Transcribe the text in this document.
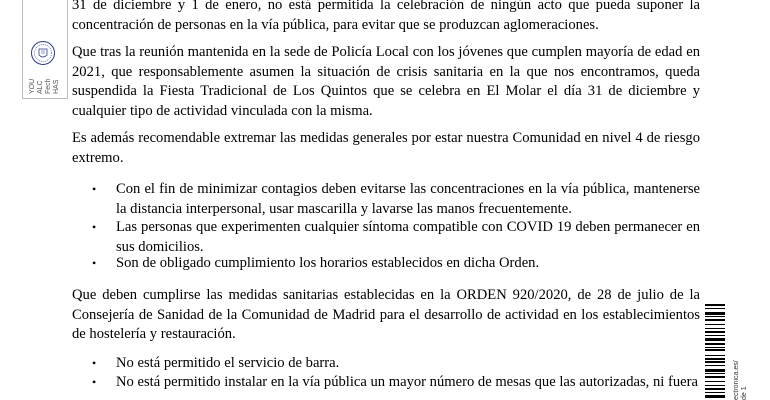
YOU ALC Fech HAS
31 de diciembre y 1 de enero, no está permitida la celebración de ningún acto que pueda suponer la concentración de personas en la vía pública, para evitar que se produzcan aglomeraciones.
Que tras la reunión mantenida en la sede de Policía Local con los jóvenes que cumplen mayoría de edad en 2021, que responsablemente asumen la situación de crisis sanitaria en la que nos encontramos, queda suspendida la Fiesta Tradicional de Los Quintos que se celebra en El Molar el día 31 de diciembre y cualquier tipo de actividad vinculada con la misma.
Es además recomendable extremar las medidas generales por estar nuestra Comunidad en nivel 4 de riesgo extremo.
• Con el fin de minimizar contagios deben evitarse las concentraciones en la vía pública, mantenerse la distancia interpersonal, usar mascarilla y lavarse las manos frecuentemente.
• Las personas que experimenten cualquier síntoma compatible con COVID 19 deben permanecer en sus domicilios.
• Son de obligado cumplimiento los horarios establecidos en dicha Orden.
Que deben cumplirse las medidas sanitarias establecidas en la ORDEN 920/2020, de 28 de julio de la Consejería de Sanidad de la Comunidad de Madrid para el desarrollo de actividad en los establecimientos de hostelería y restauración.
• No está permitido el servicio de barra.
• No está permitido instalar en la vía pública un mayor número de mesas que las autorizadas, ni fuera	ectronica.es/ de 1
